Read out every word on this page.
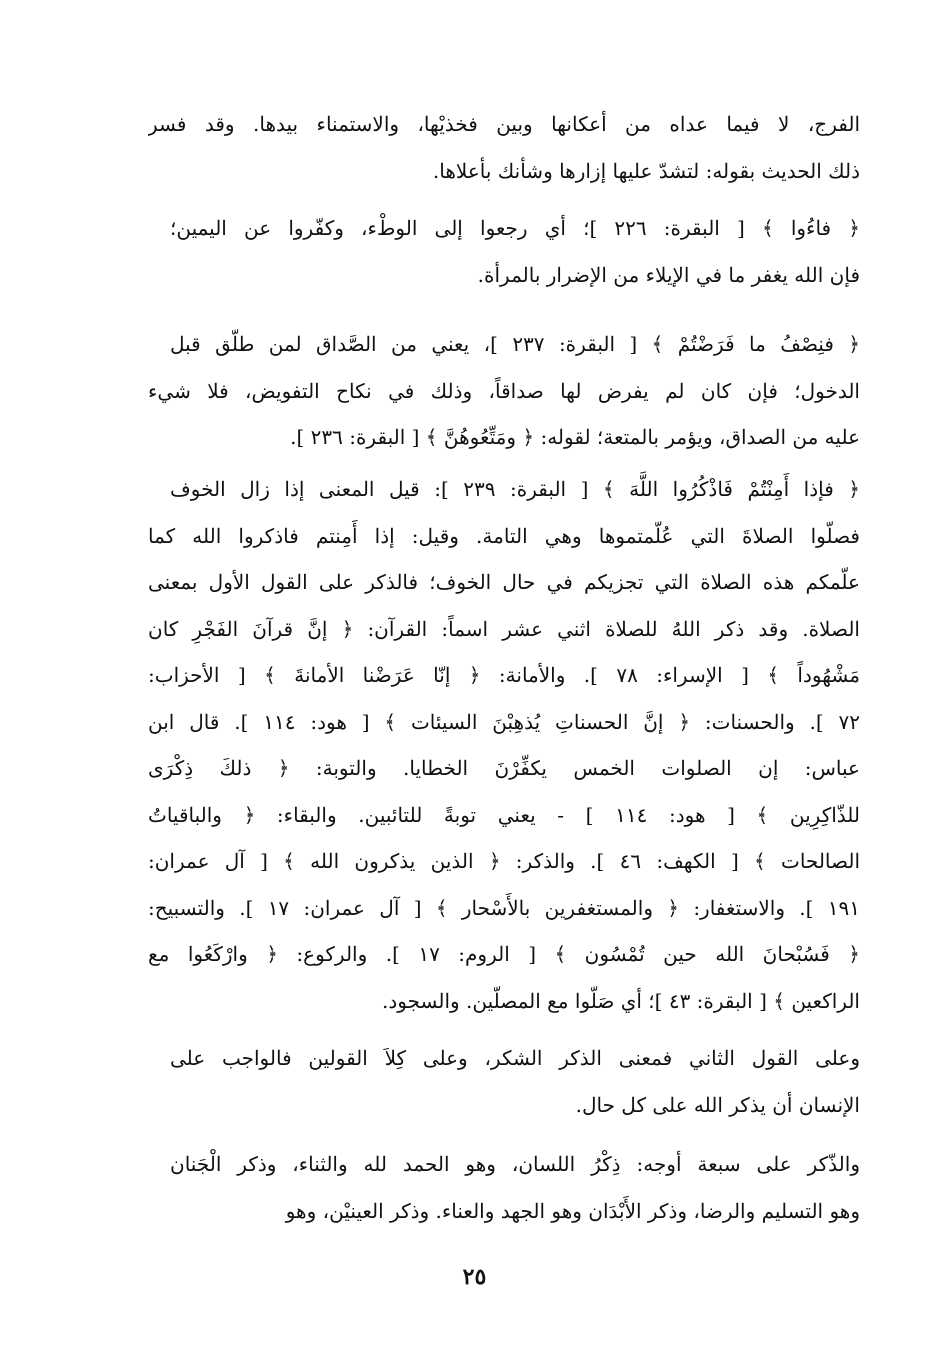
الفرج، لا فيما عداه من أعكانها وبين فخذيْها، والاستمناء بيدها. وقد فسر
ذلك الحديث بقوله: لتشدّ عليها إزارها وشأنك بأعلاها.
﴿ فاءُوا ﴾ [ البقرة: ٢٢٦ ]؛ أي رجعوا إلى الوطْء، وكفّروا عن اليمين؛
فإن الله يغفر ما في الإيلاء من الإضرار بالمرأة.
﴿ فنِصْفُ ما فَرَضْتُمْ ﴾ [ البقرة: ٢٣٧ ]، يعني من الصَّداق لمن طلّق قبل
الدخول؛ فإن كان لم يفرض لها صداقاً، وذلك في نكاح التفويض، فلا شيء
عليه من الصداق، ويؤمر بالمتعة؛ لقوله: ﴿ ومَتِّعُوهُنَّ ﴾ [ البقرة: ٢٣٦ ].
﴿ فإذا أَمِنْتُمْ فَاذْكُرُوا اللَّهَ ﴾ [ البقرة: ٢٣٩ ]: قيل المعنى إذا زال الخوف
فصلّوا الصلاةَ التي عُلّمتموها وهي التامة. وقيل: إذا أَمِنتم فاذكروا الله كما
علّمكم هذه الصلاة التي تجزيكم في حال الخوف؛ فالذكر على القول الأول بمعنى
الصلاة. وقد ذكر اللهُ للصلاة اثني عشر اسماً: القرآن: ﴿ إنَّ قرآنَ الفَجْرِ كان
مَشْهُوداً ﴾ [ الإسراء: ٧٨ ]. والأمانة: ﴿ إنّا عَرَضْنا الأمانةَ ﴾ [ الأحزاب:
٧٢ ]. والحسنات: ﴿ إنَّ الحسناتِ يُذهِبْنَ السيئات ﴾ [ هود: ١١٤ ]. قال ابن
عباس: إن الصلوات الخمس يكفِّرْنَ الخطايا. والتوبة: ﴿ ذلكَ ذِكْرَى
للذّاكِرِين ﴾ [ هود: ١١٤ ] - يعني توبةً للتائبين. والبقاء: ﴿ والباقياتُ
الصالحات ﴾ [ الكهف: ٤٦ ]. والذكر: ﴿ الذين يذكرون الله ﴾ [ آل عمران:
١٩١ ]. والاستغفار: ﴿ والمستغفرين بالأَسْحار ﴾ [ آل عمران: ١٧ ]. والتسبيح:
﴿ فَسُبْحانَ الله حين تُمْسُون ﴾ [ الروم: ١٧ ]. والركوع: ﴿ وارْكَعُوا مع
الراكعين ﴾ [ البقرة: ٤٣ ]؛ أي صَلّوا مع المصلّين. والسجود.
وعلى القول الثاني فمعنى الذكر الشكر، وعلى كِلاَ القولين فالواجب على
الإنسان أن يذكر الله على كل حال.
والذّكر على سبعة أوجه: ذِكْرُ اللسان، وهو الحمد لله والثناء، وذكر الْجَنان
وهو التسليم والرضا، وذكر الأَبْدَان وهو الجهد والعناء. وذكر العينيْن، وهو
٢٥
